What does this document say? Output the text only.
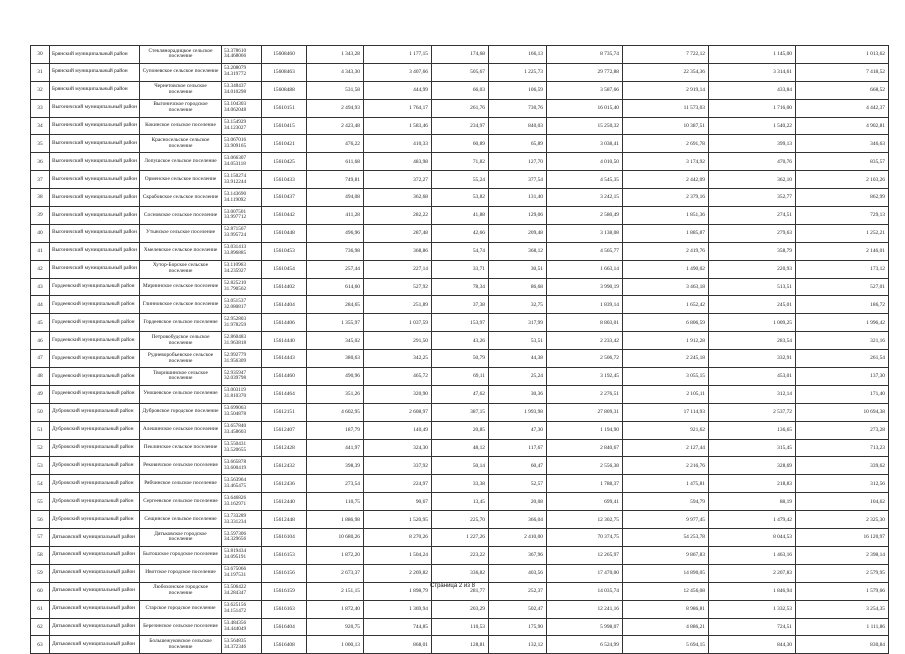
30	Брянский муниципальный район	Стеклянорадицкое сельское поселение	53.378610 34.468066	15608460	1 343,28	1 177,15	174,68	166,13	8 735,74	7 722,12	1 145,00	1 013,62
31	Брянский муниципальный район	Супоневское сельское поселение	53.208079 34.319772	15608463	4 343,30	3 407,66	505,67	1 225,73	29 772,88	22 354,36	3 314,61	7 418,52
32	Брянский муниципальный район	Чернетовское сельское поселение	53.348437 34.010298	15608488	531,58	444,99	66,03	106,59	3 587,66	2 919,14	433,84	668,52
33	Выгоничский муниципальный район	Выгоничское городское поселение	53.104303 34.062048	15610151	2 494,93	1 764,17	261,76	730,76	16 015,40	11 573,03	1 716,00	4 442,37
34	Выгоничский муниципальный район	Кокинское сельское поселение	53.154929 34.123027	15610415	2 423,48	1 583,46	234,97	840,03	15 250,32	10 387,51	1 540,22	4 902,81
35	Выгоничский муниципальный район	Красносельское сельское поселение	53.067016 33.909165	15610421	476,22	410,33	60,89	65,89	3 038,41	2 691,78	399,13	346,63
36	Выгоничский муниципальный район	Лопушское сельское поселение	53.066307 34.053118	15610425	611,68	483,98	71,82	127,70	4 010,50	3 174,92	470,76	835,57
37	Выгоничский муниципальный район	Орменское сельское поселение	53.150274 33.912244	15610433	749,81	372,27	55,24	377,54	4 545,35	2 442,09	362,10	2 103,26
38	Выгоничский муниципальный район	Скрабовское сельское поселение	53.143690 34.119092	15610437	494,08	362,68	53,82	131,40	3 242,15	2 379,16	352,77	862,99
39	Выгоничский муниципальный район	Сосновское сельское поселение	53.007501 33.997712	15610442	411,28	282,22	41,88	129,06	2 580,49	1 851,36	274,51	729,13
40	Выгоничский муниципальный район	Утынское сельское поселение	52.871567 33.995724	15610448	496,96	287,48	42,66	209,48	3 138,08	1 885,87	279,63	1 252,21
41	Выгоничский муниципальный район	Хмелевское сельское поселение	53.031413 33.896885	15610453	736,98	368,86	54,74	368,12	4 565,77	2 419,76	358,79	2 146,01
42	Выгоничский муниципальный район	Хутор-Борское сельское поселение	53.110963 34.235927	15610454	257,44	227,14	33,71	30,51	1 663,14	1 490,02	220,93	173,12
43	Гордеевский муниципальный район	Мирнинское сельское поселение	52.825210 31.790562	15614402	614,60	527,92	78,34	86,68	3 990,19	3 463,18	513,51	527,01
44	Гордеевский муниципальный район	Глинновское сельское поселение	53.051537 32.080817	15614404	284,65	251,89	37,38	32,75	1 839,14	1 652,42	245,01	186,72
45	Гордеевский муниципальный район	Гордеевское сельское поселение	52.952803 31.978259	15614406	1 355,97	1 037,59	153,97	317,99	8 803,01	6 806,59	1 009,25	1 996,42
46	Гордеевский муниципальный район	Петровобудское сельское поселение	52.860483 31.963818	15614440	345,02	291,50	43,26	53,51	2 233,42	1 912,28	283,54	321,16
47	Гордеевский муниципальный район	Рудневоробьевское сельское поселение	52.992779 31.956309	15614443	380,63	342,25	50,79	44,38	2 506,72	2 245,18	332,91	261,54
48	Гордеевский муниципальный район	Творишинское сельское поселение	52.935947 32.039798	15614460	490,96	465,72	69,11	25,24	3 192,45	3 055,15	453,01	137,30
49	Гордеевский муниципальный район	Уношевское сельское поселение	53.003119 31.810370	15614464	351,26	320,90	47,62	30,36	2 276,51	2 105,11	312,14	171,40
50	Дубровский муниципальный район	Дубровское городское поселение	53.699063 33.504878	15612151	4 602,95	2 608,97	387,15	1 993,98	27 809,31	17 114,93	2 537,72	10 694,38
51	Дубровский муниципальный район	Алешинское сельское поселение	53.657840 33.458603	15612407	187,79	140,49	20,85	47,30	1 194,90	921,62	136,65	273,28
52	Дубровский муниципальный район	Пеклинское сельское поселение	53.550431 33.520655	15612428	441,97	324,30	48,12	117,67	2 840,67	2 127,44	315,45	713,23
53	Дубровский муниципальный район	Рековичское сельское поселение	53.665878 33.600419	15612432	398,39	337,92	50,14	60,47	2 556,38	2 216,76	328,69	339,62
54	Дубровский муниципальный район	Рябчинское сельское поселение	53.563964 33.465475	15612436	273,54	224,97	33,38	52,57	1 788,37	1 475,81	218,83	312,56
55	Дубровский муниципальный район	Сергеевское сельское поселение	53.646826 33.162971	15612440	110,75	90,67	13,45	20,08	699,41	594,79	88,19	104,62
56	Дубровский муниципальный район	Сещинское сельское поселение	53.733289 33.331234	15612448	1 886,98	1 520,95	225,70	366,04	12 302,75	9 977,45	1 479,42	2 325,30
57	Дятьковский муниципальный район	Дятьковское городское поселение	53.597306 34.329656	15616104	10 680,26	8 270,26	1 227,26	2 410,00	70 374,75	54 253,78	8 044,53	16 120,97
58	Дятьковский муниципальный район	Бытошское городское поселение	53.819434 34.095191	15616153	1 872,20	1 504,24	223,22	367,96	12 265,97	9 867,83	1 463,16	2 398,14
59	Дятьковский муниципальный район	Ивотское городское поселение	53.675066 34.197531	15616156	2 673,37	2 269,82	336,82	403,56	17 470,00	14 890,05	2 207,83	2 579,95
60	Дятьковский муниципальный район	Любохонское городское поселение	53.506422 34.284347	15616159	2 151,15	1 898,79	281,77	252,37	14 035,74	12 456,08	1 846,94	1 579,66
61	Дятьковский муниципальный район	Старское городское поселение	53.625156 34.151472	15616163	1 872,40	1 369,94	203,29	502,47	12 241,16	8 986,81	1 332,53	3 254,35
62	Дятьковский муниципальный район	Березинское сельское поселение	53.484356 34.444049	15616404	920,75	744,85	110,53	175,90	5 998,07	4 886,21	724,51	1 111,86
63	Дятьковский муниципальный район	Большежуковское сельское поселение	53.564835 34.372346	15616408	1 000,13	868,01	128,81	132,12	6 524,99	5 694,15	844,30	830,84
Страница 2 из 8
